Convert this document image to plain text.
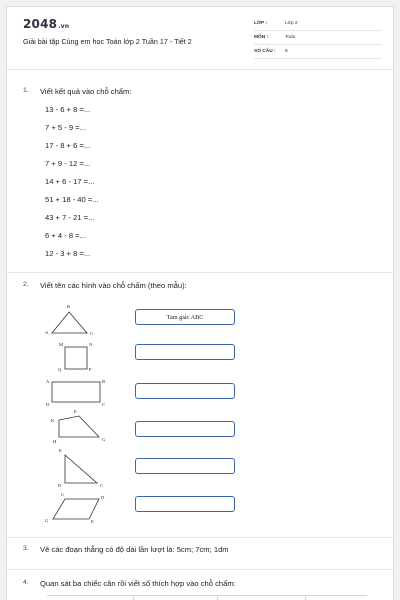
2048.vn
Giải bài tập Cùng em học Toán lớp 2 Tuần 17 - Tiết 2
LỚP :	Lớp 2
MÔN :	Toán
SỐ CÂU : 8
1. Viết kết quả vào chỗ chấm:
13 - 6 + 8 =...
7 + 5 - 9 =...
17 - 8 + 6 =...
7 + 9 - 12 =...
14 + 6 - 17 =...
51 + 18 - 40 =...
43 + 7 - 21 =...
6 + 4 - 8 =...
12 - 3 + 8 =...
2. Viết tên các hình vào chỗ chấm (theo mẫu):
Tam giác ABC
B
A	C
M	N
Q	P
A	B
D	C
E
K
H	G
E
D	C
C
D
G	E
3. Vẽ các đoạn thẳng có độ dài lần lượt là: 5cm; 7cm; 1dm
4. Quan sát ba chiếc cân rồi viết số thích hợp vào chỗ chấm:
